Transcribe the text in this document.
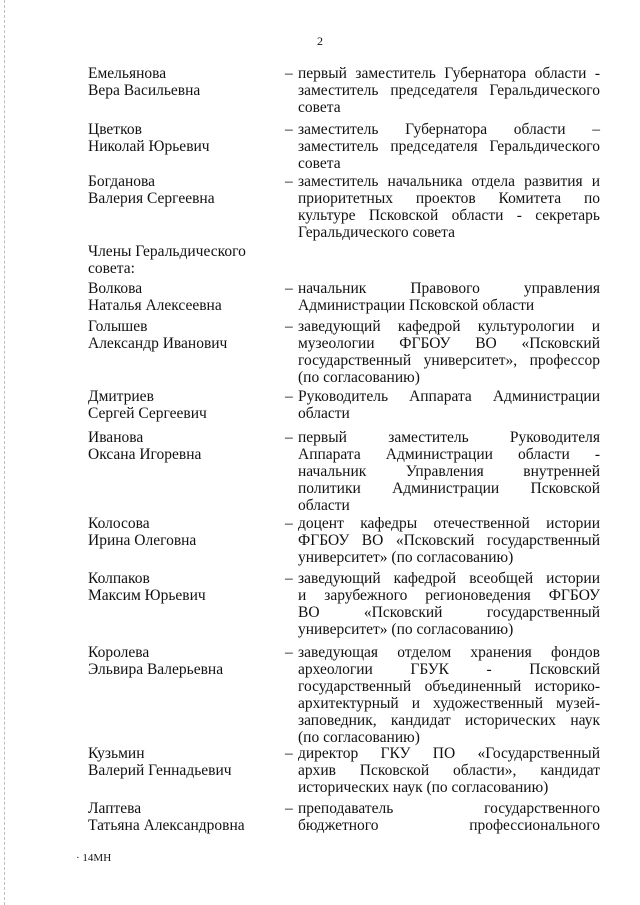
2
Емельянова
Вера Васильевна
– первый заместитель Губернатора области -
заместитель председателя Геральдического
совета
Цветков
Николай Юрьевич
– заместитель Губернатора области –
заместитель председателя Геральдического
совета
Богданова
Валерия Сергеевна
– заместитель начальника отдела развития и
приоритетных проектов Комитета по
культуре Псковской области - секретарь
Геральдического совета
Волкова
Наталья Алексеевна
– начальник Правового управления
Администрации Псковской области
Голышев
Александр Иванович
– заведующий кафедрой культурологии и
музеологии ФГБОУ ВО «Псковский
государственный университет», профессор
(по согласованию)
Дмитриев
Сергей Сергеевич
– Руководитель Аппарата Администрации
области
Иванова
Оксана Игоревна
– первый заместитель Руководителя
Аппарата Администрации области -
начальник Управления внутренней
политики Администрации Псковской
области
Колосова
Ирина Олеговна
– доцент кафедры отечественной истории
ФГБОУ ВО «Псковский государственный
университет» (по согласованию)
Колпаков
Максим Юрьевич
– заведующий кафедрой всеобщей истории
и зарубежного регионоведения ФГБОУ
ВО «Псковский государственный
университет» (по согласованию)
Королева
Эльвира Валерьевна
– заведующая отделом хранения фондов
археологии ГБУК - Псковский
государственный объединенный историко-
архитектурный и художественный музей-
заповедник, кандидат исторических наук
(по согласованию)
Кузьмин
Валерий Геннадьевич
– директор ГКУ ПО «Государственный
архив Псковской области», кандидат
исторических наук (по согласованию)
Лаптева
Татьяна Александровна
– преподаватель государственного
бюджетного профессионального
Члены Геральдического
совета:
· 14МН
